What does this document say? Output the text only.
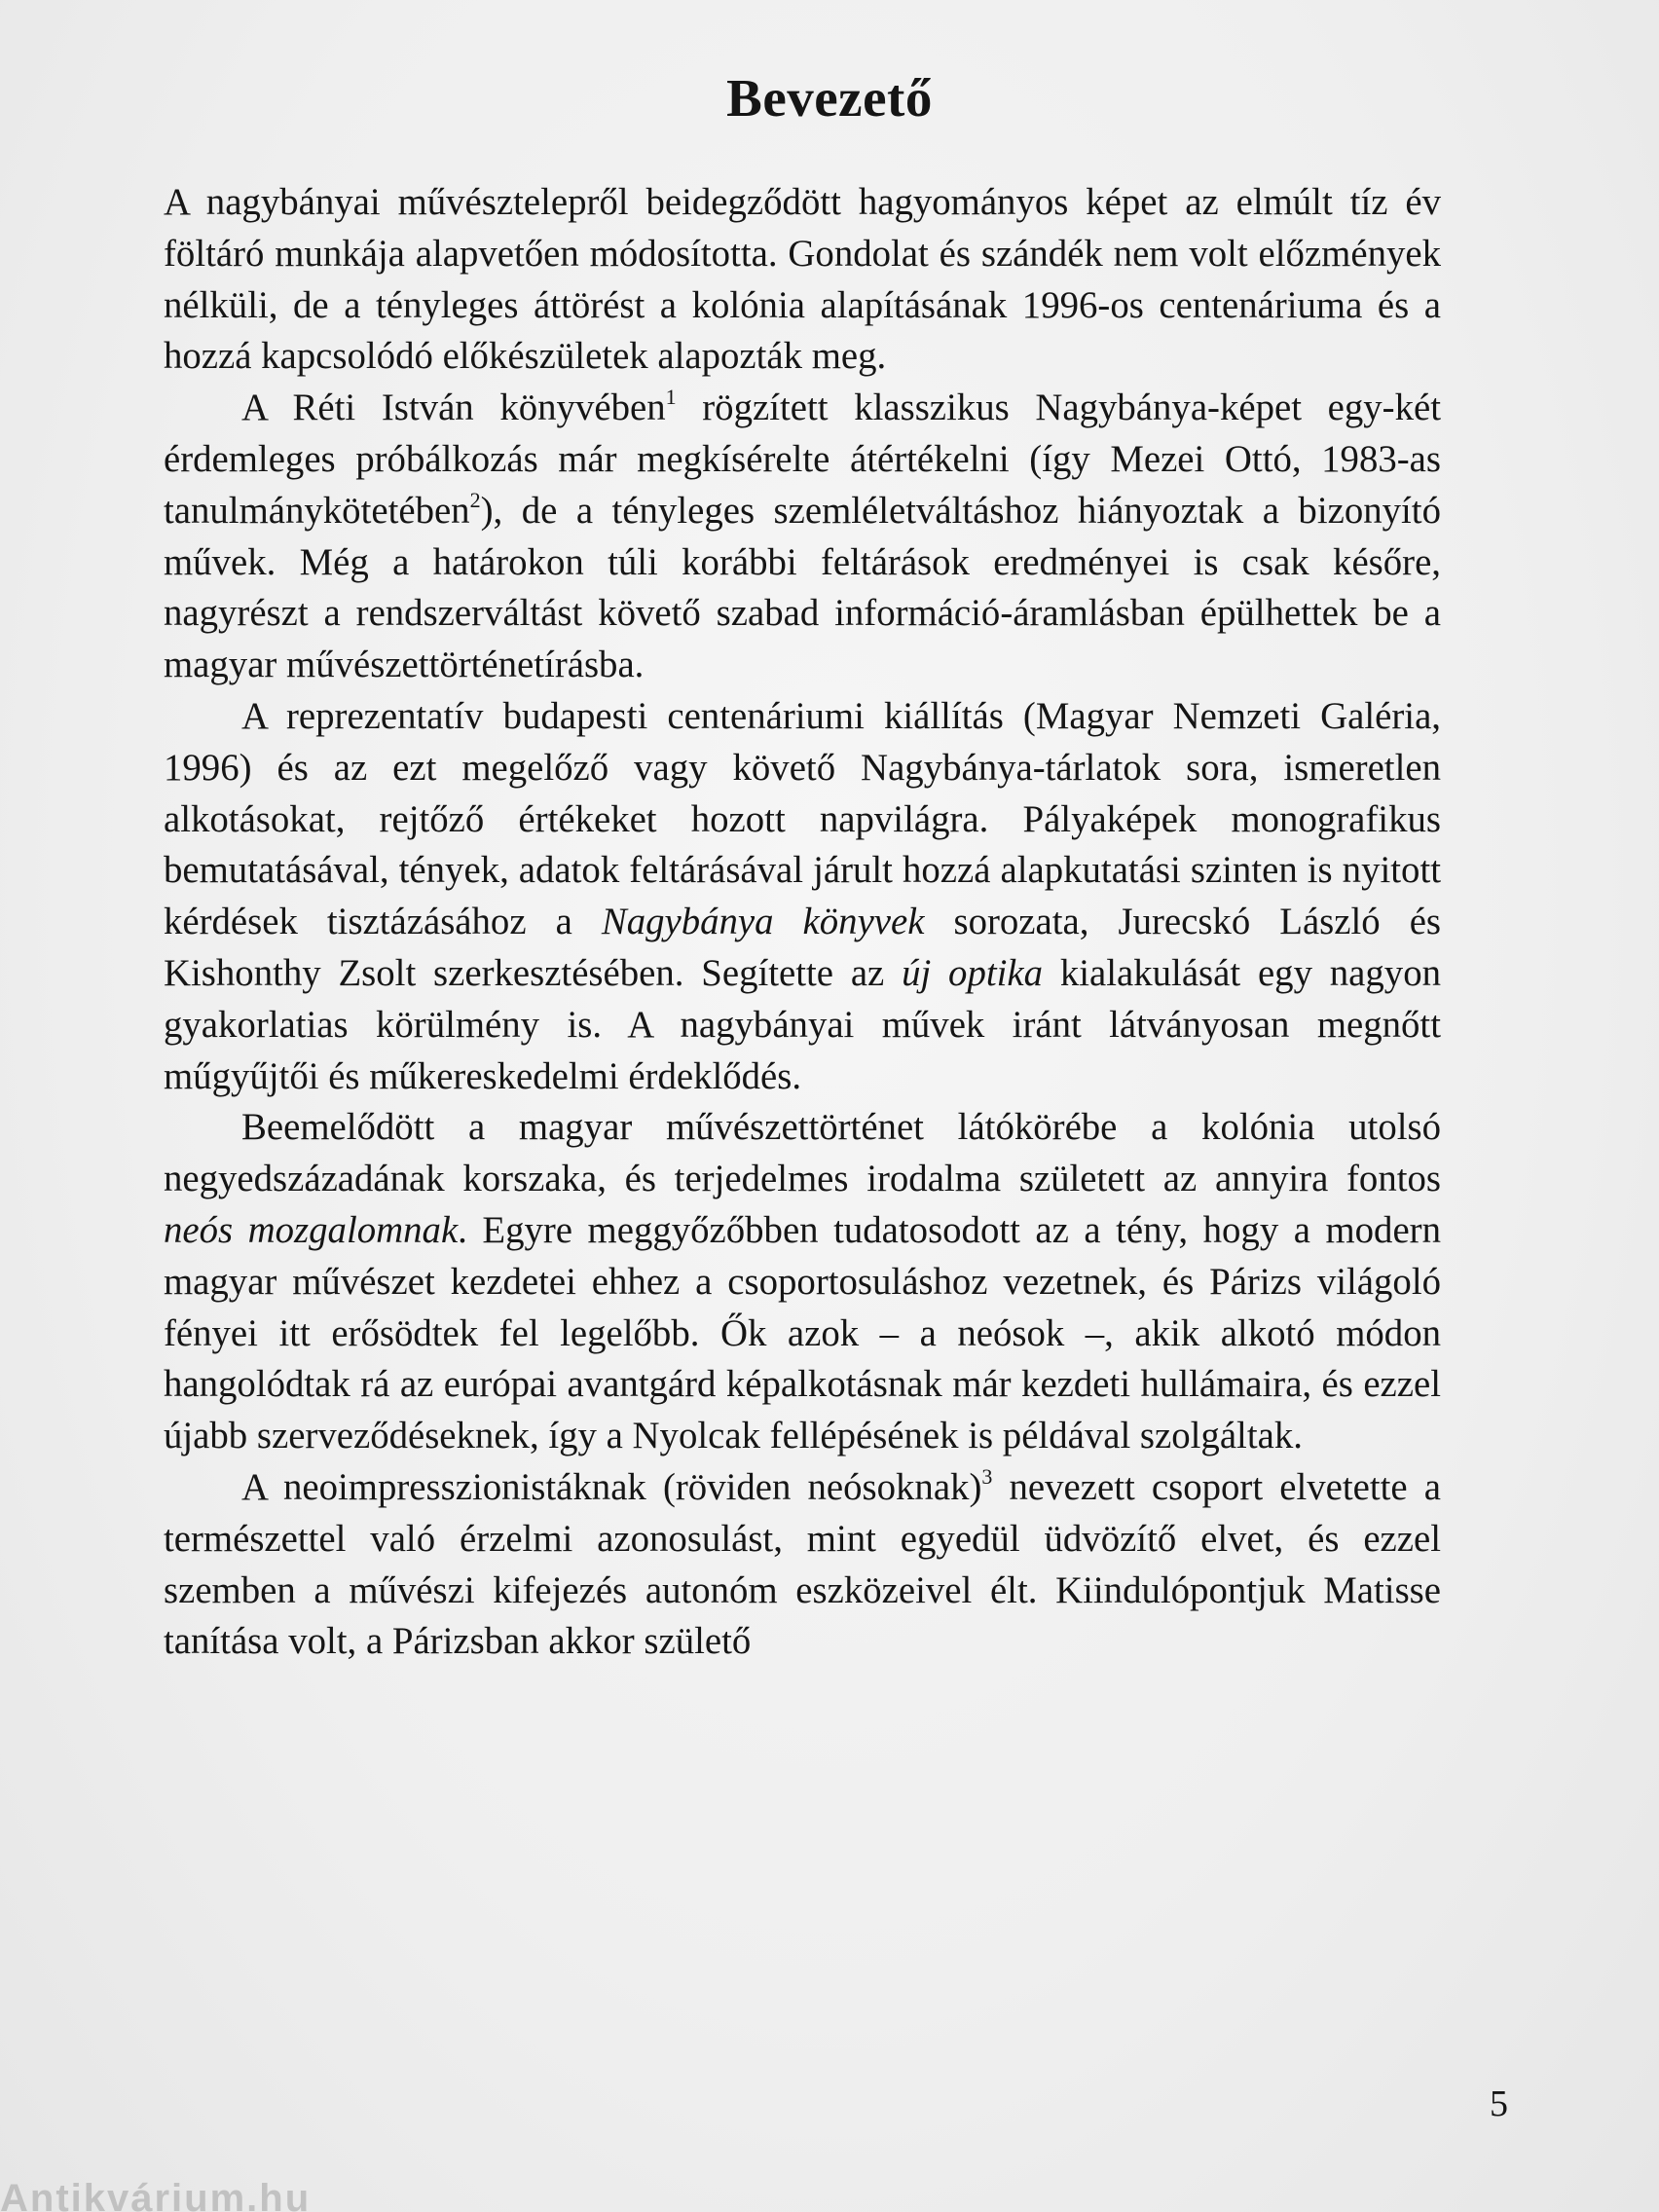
Bevezető

A nagybányai művésztelepről beidegződött hagyományos képet az elmúlt tíz év föltáró munkája alapvetően módosította. Gondolat és szándék nem volt előzmények nélküli, de a tényleges áttörést a kolónia alapításának 1996-os centenáriuma és a hozzá kapcsolódó előkészületek alapozták meg.

A Réti István könyvében$^1$ rögzített klasszikus Nagybánya-képet egy-két érdemleges próbálkozás már megkísérelte átértékelni (így Mezei Ottó, 1983-as tanulmánykötetében$^2$), de a tényleges szemléletváltáshoz hiányoztak a bizonyító művek. Még a határokon túli korábbi feltárások eredményei is csak későre, nagyrészt a rendszerváltást követő szabad információ-áramlásban épülhettek be a magyar művészettörténetírásba.

A reprezentatív budapesti centenáriumi kiállítás (Magyar Nemzeti Galéria, 1996) és az ezt megelőző vagy követő Nagybánya-tárlatok sora, ismeretlen alkotásokat, rejtőző értékeket hozott napvilágra. Pályaképek monografikus bemutatásával, tények, adatok feltárásával járult hozzá alapkutatási szinten is nyitott kérdések tisztázásához a Nagybánya könyvek sorozata, Jurecskó László és Kishonthy Zsolt szerkesztésében. Segítette az új optika kialakulását egy nagyon gyakorlatias körülmény is. A nagybányai művek iránt látványosan megnőtt műgyűjtői és műkereskedelmi érdeklődés.

Beemelődött a magyar művészettörténet látókörébe a kolónia utolsó negyedszázadának korszaka, és terjedelmes irodalma született az annyira fontos neós mozgalomnak. Egyre meggyőzőbben tudatosodott az a tény, hogy a modern magyar művészet kezdetei ehhez a csoportosuláshoz vezetnek, és Párizs világoló fényei itt erősödtek fel legelőbb. Ők azok – a neósok –, akik alkotó módon hangolódtak rá az európai avantgárd képalkotásnak már kezdeti hullámaira, és ezzel újabb szerveződéseknek, így a Nyolcak fellépésének is példával szolgáltak.

A neoimpresszionistáknak (röviden neósoknak)$^3$ nevezett csoport elvetette a természettel való érzelmi azonosulást, mint egyedül üdvözítő elvet, és ezzel szemben a művészi kifejezés autonóm eszközeivel élt. Kiindulópontjuk Matisse tanítása volt, a Párizsban akkor születő

5

Antikvárium.hu
